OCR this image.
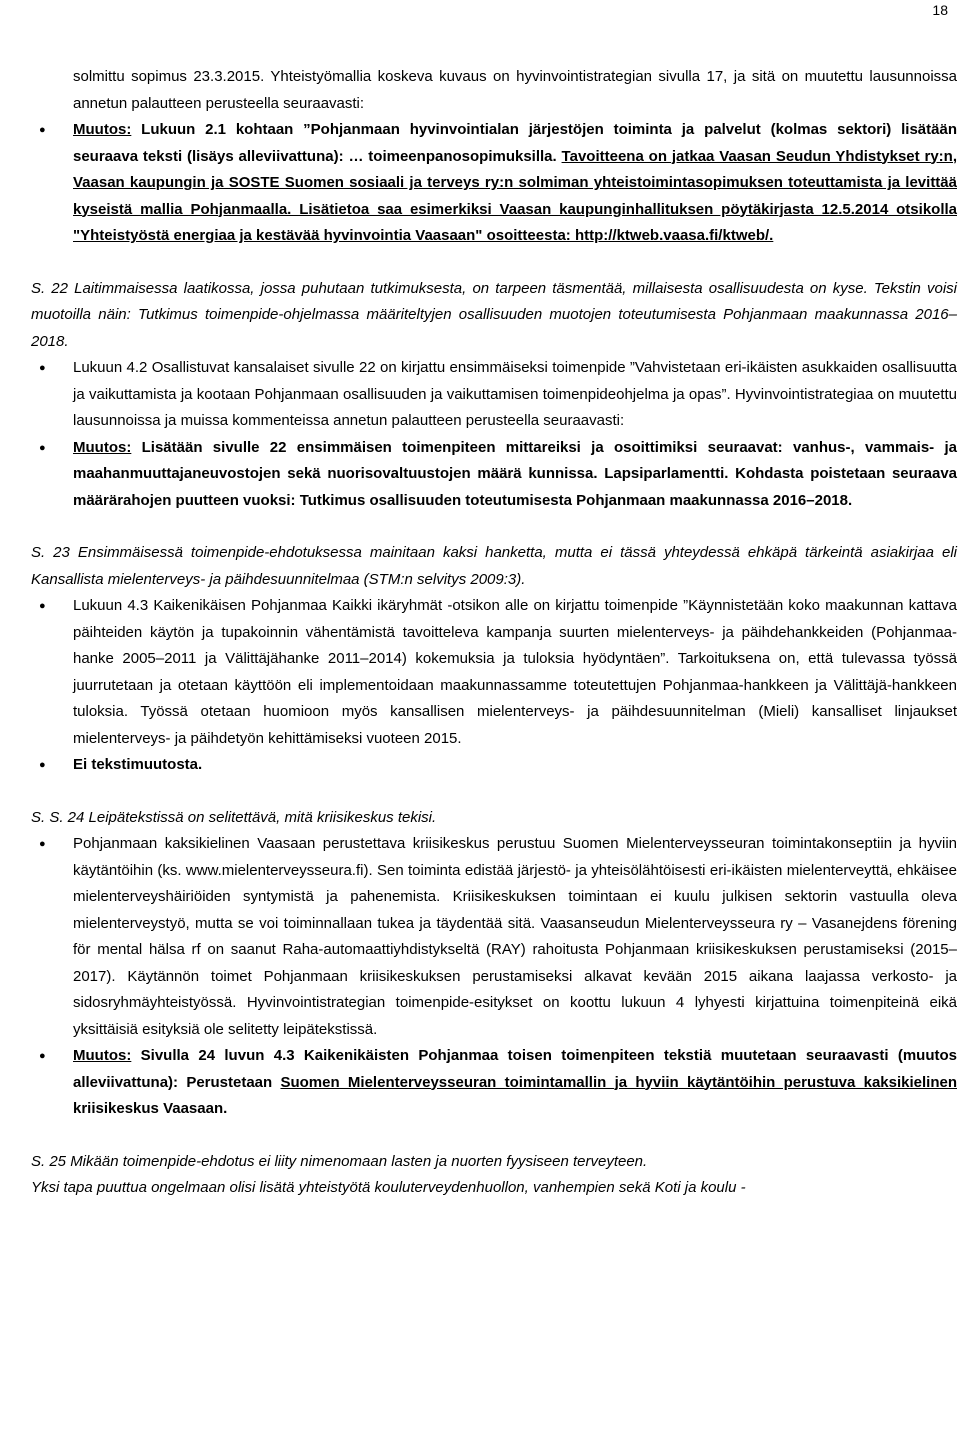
18

solmittu sopimus 23.3.2015. Yhteistyömallia koskeva kuvaus on hyvinvointistrategian sivulla 17, ja sitä on muutettu lausunnoissa annetun palautteen perusteella seuraavasti:

● Muutos: Lukuun 2.1 kohtaan ”Pohjanmaan hyvinvointialan järjestöjen toiminta ja palvelut (kolmas sektori) lisätään seuraava teksti (lisäys alleviivattuna): … toimeenpanosopimuksilla. Tavoitteena on jatkaa Vaasan Seudun Yhdistykset ry:n, Vaasan kaupungin ja SOSTE Suomen sosiaali ja terveys ry:n solmiman yhteistoimintasopimuksen toteuttamista ja levittää kyseistä mallia Pohjanmaalla. Lisätietoa saa esimerkiksi Vaasan kaupunginhallituksen pöytäkirjasta 12.5.2014 otsikolla "Yhteistyöstä energiaa ja kestävää hyvinvointia Vaasaan" osoitteesta: http://ktweb.vaasa.fi/ktweb/.

S. 22 Laitimmaisessa laatikossa, jossa puhutaan tutkimuksesta, on tarpeen täsmentää, millaisesta osallisuudesta on kyse. Tekstin voisi muotoilla näin: Tutkimus toimenpide-ohjelmassa määriteltyjen osallisuuden muotojen toteutumisesta Pohjanmaan maakunnassa 2016–2018.

● Lukuun 4.2 Osallistuvat kansalaiset sivulle 22 on kirjattu ensimmäiseksi toimenpide ”Vahvistetaan eri-ikäisten asukkaiden osallisuutta ja vaikuttamista ja kootaan Pohjanmaan osallisuuden ja vaikuttamisen toimenpideohjelma ja opas”. Hyvinvointistrategiaa on muutettu lausunnoissa ja muissa kommenteissa annetun palautteen perusteella seuraavasti:
● Muutos: Lisätään sivulle 22 ensimmäisen toimenpiteen mittareiksi ja osoittimiksi seuraavat: vanhus-, vammais- ja maahanmuuttajaneuvostojen sekä nuorisovaltuustojen määrä kunnissa. Lapsiparlamentti. Kohdasta poistetaan seuraava määrärahojen puutteen vuoksi: Tutkimus osallisuuden toteutumisesta Pohjanmaan maakunnassa 2016–2018.

S. 23 Ensimmäisessä toimenpide-ehdotuksessa mainitaan kaksi hanketta, mutta ei tässä yhteydessä ehkäpä tärkeintä asiakirjaa eli Kansallista mielenterveys- ja päihdesuunnitelmaa (STM:n selvitys 2009:3).

● Lukuun 4.3 Kaikenikäisen Pohjanmaa Kaikki ikäryhmät -otsikon alle on kirjattu toimenpide ”Käynnistetään koko maakunnan kattava päihteiden käytön ja tupakoinnin vähentämistä tavoitteleva kampanja suurten mielenterveys- ja päihdehankkeiden (Pohjanmaa-hanke 2005–2011 ja Välittäjähanke 2011–2014) kokemuksia ja tuloksia hyödyntäen”. Tarkoituksena on, että tulevassa työssä juurrutetaan ja otetaan käyttöön eli implementoidaan maakunnassamme toteutettujen Pohjanmaa-hankkeen ja Välittäjä-hankkeen tuloksia. Työssä otetaan huomioon myös kansallisen mielenterveys- ja päihdesuunnitelman (Mieli) kansalliset linjaukset mielenterveys- ja päihdetyön kehittämiseksi vuoteen 2015.
● Ei tekstimuutosta.

S. S. 24 Leipätekstissä on selitettävä, mitä kriisikeskus tekisi.

● Pohjanmaan kaksikielinen Vaasaan perustettava kriisikeskus perustuu Suomen Mielenterveysseuran toimintakonseptiin ja hyviin käytäntöihin (ks. www.mielenterveysseura.fi). Sen toiminta edistää järjestö- ja yhteisölähtöisesti eri-ikäisten mielenterveyttä, ehkäisee mielenterveyshäiriöiden syntymistä ja pahenemista. Kriisikeskuksen toimintaan ei kuulu julkisen sektorin vastuulla oleva mielenterveystyö, mutta se voi toiminnallaan tukea ja täydentää sitä. Vaasanseudun Mielenterveysseura ry – Vasanejdens förening för mental hälsa rf on saanut Raha-automaattiyhdistykseltä (RAY) rahoitusta Pohjanmaan kriisikeskuksen perustamiseksi (2015–2017). Käytännön toimet Pohjanmaan kriisikeskuksen perustamiseksi alkavat kevään 2015 aikana laajassa verkosto- ja sidosryhmäyhteistyössä. Hyvinvointistrategian toimenpide-esitykset on koottu lukuun 4 lyhyesti kirjattuina toimenpiteinä eikä yksittäisiä esityksiä ole selitetty leipätekstissä.
● Muutos: Sivulla 24 luvun 4.3 Kaikenikäisten Pohjanmaa toisen toimenpiteen tekstiä muutetaan seuraavasti (muutos alleviivattuna): Perustetaan Suomen Mielenterveysseuran toimintamallin ja hyviin käytäntöihin perustuva kaksikielinen kriisikeskus Vaasaan.

S. 25 Mikään toimenpide-ehdotus ei liity nimenomaan lasten ja nuorten fyysiseen terveyteen.

Yksi tapa puuttua ongelmaan olisi lisätä yhteistyötä kouluterveydenhuollon, vanhempien sekä Koti ja koulu -
